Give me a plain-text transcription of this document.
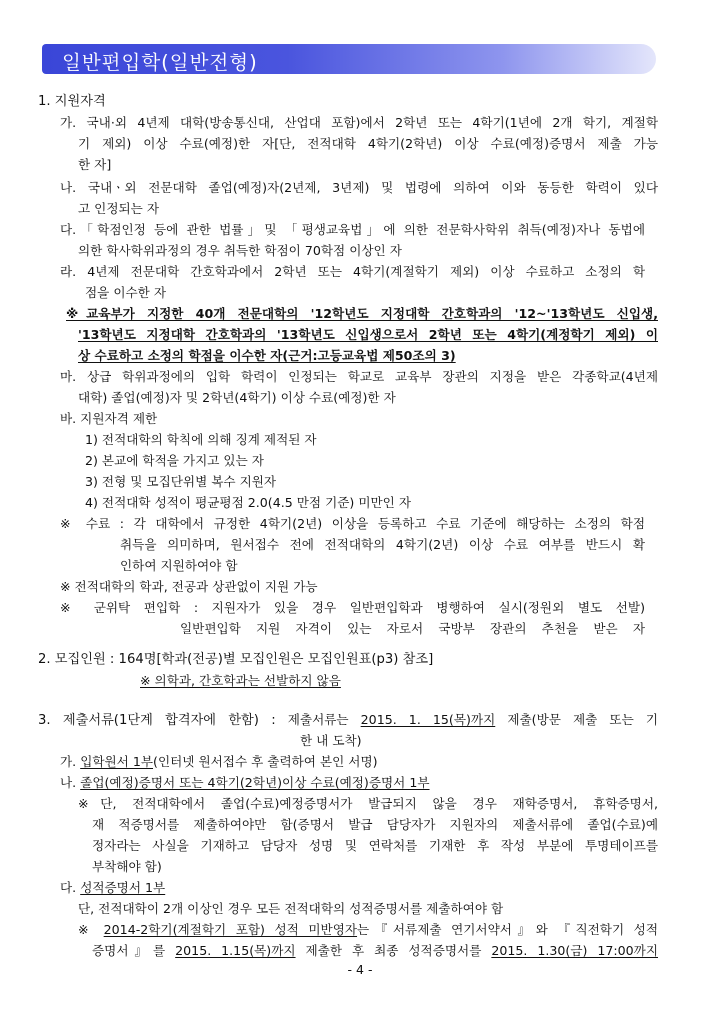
일반편입학(일반전형)
1. 지원자격
가. 국내·외 4년제 대학(방송통신대, 산업대 포함)에서 2학년 또는 4학기(1년에 2개 학기, 계절학
기 제외) 이상 수료(예정)한 자[단, 전적대학 4학기(2학년) 이상 수료(예정)증명서 제출 가능
한 자]
나. 국내ㆍ외 전문대학 졸업(예정)자(2년제, 3년제) 및 법령에 의하여 이와 동등한 학력이 있다
고 인정되는 자
다.「학점인정 등에 관한 법률」및 「평생교육법」에 의한 전문학사학위 취득(예정)자나 동법에
의한 학사학위과정의 경우 취득한 학점이 70학점 이상인 자
라. 4년제 전문대학 간호학과에서 2학년 또는 4학기(계절학기 제외) 이상 수료하고 소정의 학
점을 이수한 자
※교육부가 지정한 40개 전문대학의 '12학년도 지정대학 간호학과의 '12~'13학년도 신입생,
'13학년도 지정대학 간호학과의 '13학년도 신입생으로서 2학년 또는 4학기(계정학기 제외) 이
상 수료하고 소정의 학점을 이수한 자(근거:고등교육법 제50조의 3)
마. 상급 학위과정에의 입학 학력이 인정되는 학교로 교육부 장관의 지정을 받은 각종학교(4년제
대학) 졸업(예정)자 및 2학년(4학기) 이상 수료(예정)한 자
바. 지원자격 제한
1) 전적대학의 학칙에 의해 징계 제적된 자
2) 본교에 학적을 가지고 있는 자
3) 전형 및 모집단위별 복수 지원자
4) 전적대학 성적이 평균평점 2.0(4.5 만점 기준) 미만인 자
※ 수료 : 각 대학에서 규정한 4학기(2년) 이상을 등록하고 수료 기준에 해당하는 소정의 학점
취득을 의미하며, 원서접수 전에 전적대학의 4학기(2년) 이상 수료 여부를 반드시 확
인하여 지원하여야 함
※ 전적대학의 학과, 전공과 상관없이 지원 가능
※ 군위탁 편입학 : 지원자가 있을 경우 일반편입학과 병행하여 실시(정원외 별도 선발)
일반편입학 지원 자격이 있는 자로서 국방부 장관의 추천을 받은 자
2. 모집인원 : 164명[학과(전공)별 모집인원은 모집인원표(p3) 참조]
※ 의학과, 간호학과는 선발하지 않음
3. 제출서류(1단계 합격자에 한함) : 제출서류는 2015. 1. 15(목)까지 제출(방문 제출 또는 기
한 내 도착)
가. 입학원서 1부(인터넷 원서접수 후 출력하여 본인 서명)
나. 졸업(예정)증명서 또는 4학기(2학년)이상 수료(예정)증명서 1부
※단, 전적대학에서 졸업(수료)예정증명서가 발급되지 않을 경우 재학증명서, 휴학증명서,
재 적증명서를 제출하여야만 함(증명서 발급 담당자가 지원자의 제출서류에 졸업(수료)예
정자라는 사실을 기재하고 담당자 성명 및 연락처를 기재한 후 작성 부분에 투명테이프를
부착해야 함)
다. 성적증명서 1부
단, 전적대학이 2개 이상인 경우 모든 전적대학의 성적증명서를 제출하여야 함
※ 2014-2학기(계절학기 포함) 성적 미반영자는『서류제출 연기서약서』와 『직전학기 성적
증명서』를 2015. 1.15(목)까지 제출한 후 최종 성적증명서를 2015. 1.30(금) 17:00까지
- 4 -
